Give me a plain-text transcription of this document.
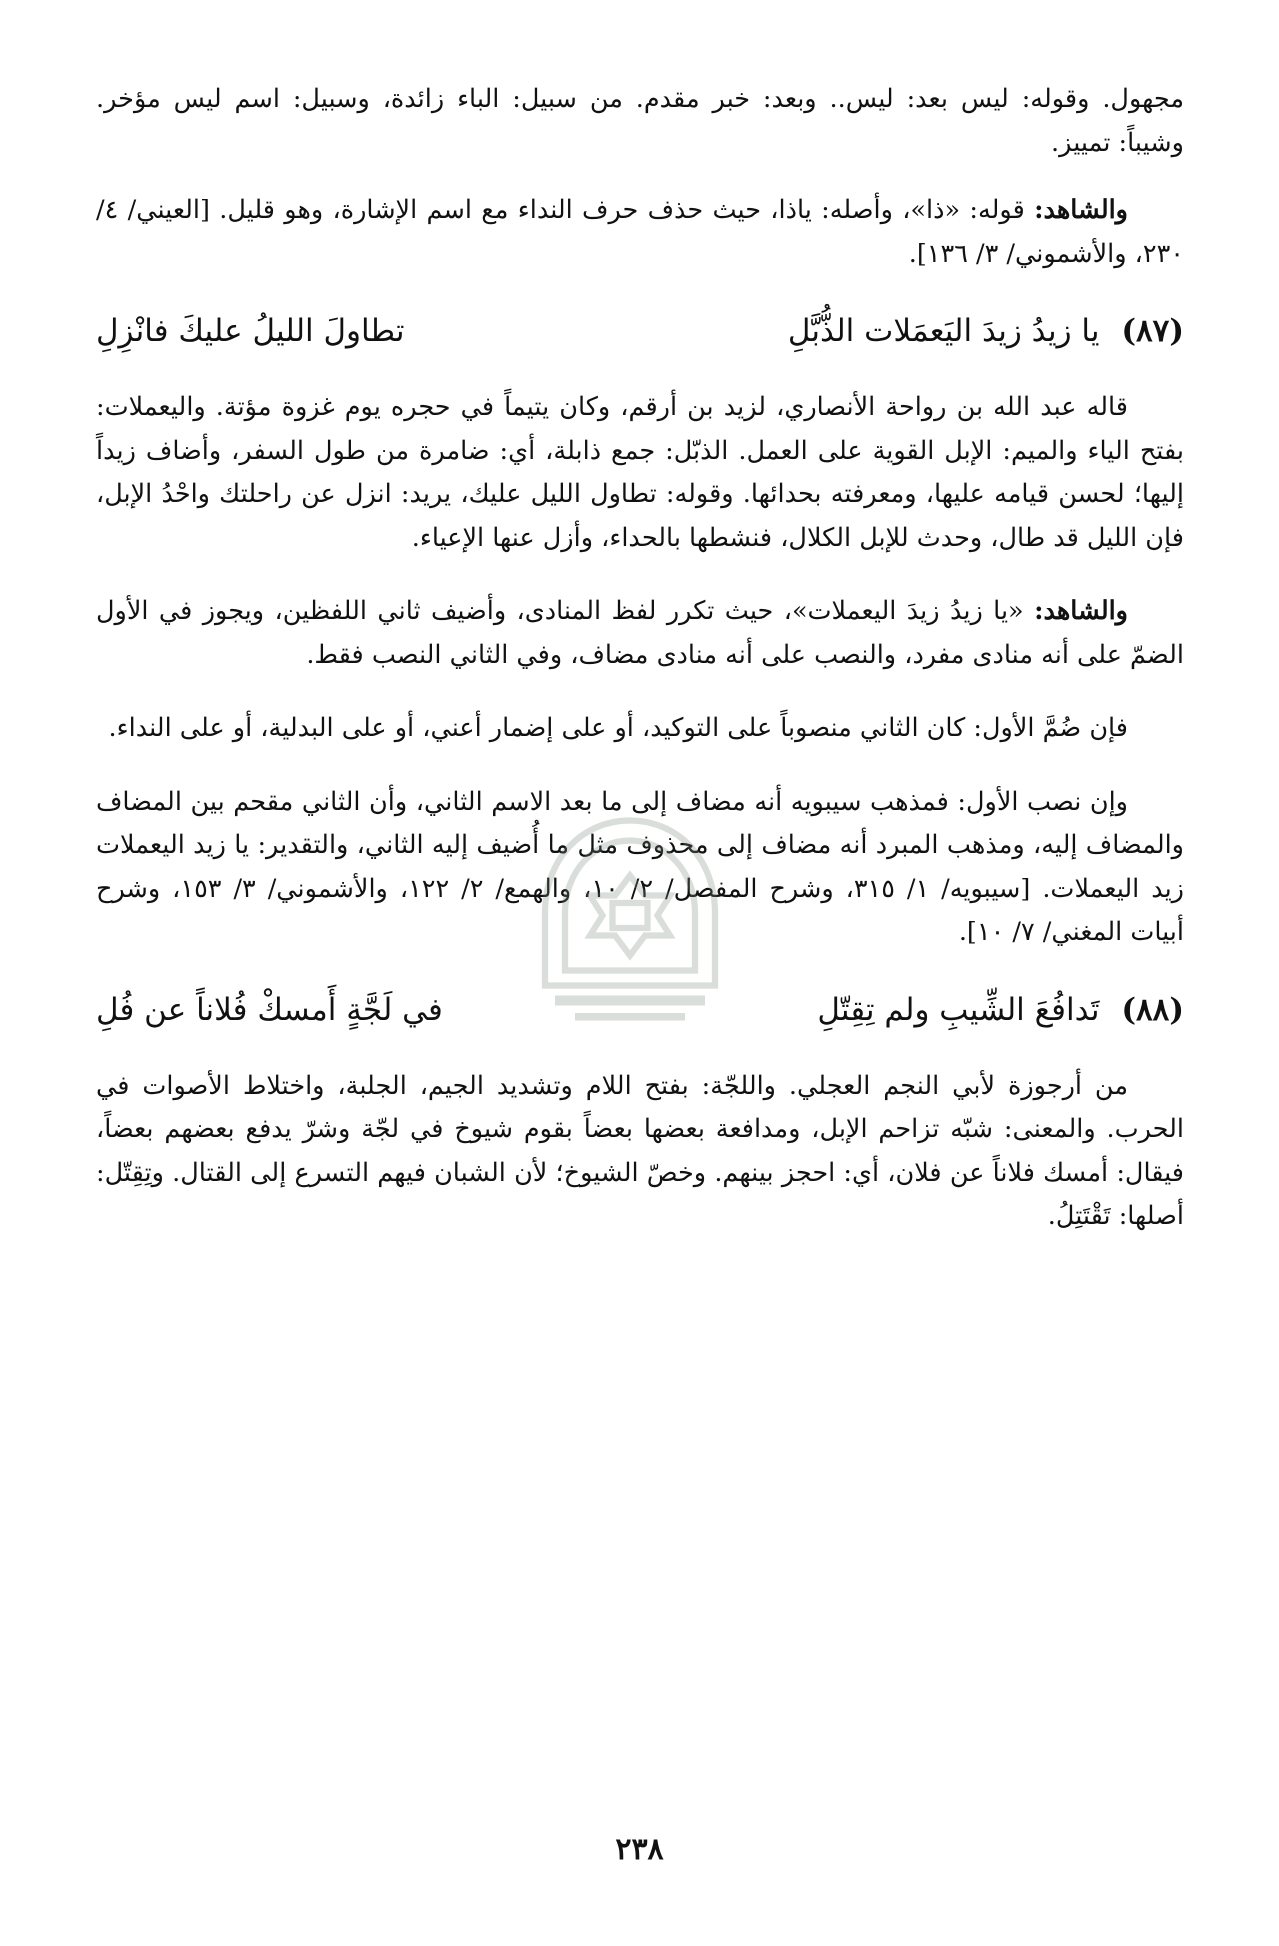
مجهول. وقوله: ليس بعد: ليس.. وبعد: خبر مقدم. من سبيل: الباء زائدة، وسبيل: اسم ليس مؤخر. وشيباً: تمييز.

والشاهد: قوله: «ذا»، وأصله: ياذا، حيث حذف حرف النداء مع اسم الإشارة، وهو قليل. [العيني/ ٤/ ٢٣٠، والأشموني/ ٣/ ١٣٦].

(٨٧) يا زيدُ زيدَ اليَعمَلات الذُّبَّلِ
تطاولَ الليلُ عليكَ فانْزِلِ

قاله عبد الله بن رواحة الأنصاري، لزيد بن أرقم، وكان يتيماً في حجره يوم غزوة مؤتة. واليعملات: بفتح الياء والميم: الإبل القوية على العمل. الذبّل: جمع ذابلة، أي: ضامرة من طول السفر، وأضاف زيداً إليها؛ لحسن قيامه عليها، ومعرفته بحدائها. وقوله: تطاول الليل عليك، يريد: انزل عن راحلتك واحْدُ الإبل، فإن الليل قد طال، وحدث للإبل الكلال، فنشطها بالحداء، وأزل عنها الإعياء.

والشاهد: «يا زيدُ زيدَ اليعملات»، حيث تكرر لفظ المنادى، وأضيف ثاني اللفظين، ويجوز في الأول الضمّ على أنه منادى مفرد، والنصب على أنه منادى مضاف، وفي الثاني النصب فقط.

فإن ضُمَّ الأول: كان الثاني منصوباً على التوكيد، أو على إضمار أعني، أو على البدلية، أو على النداء.

وإن نصب الأول: فمذهب سيبويه أنه مضاف إلى ما بعد الاسم الثاني، وأن الثاني مقحم بين المضاف والمضاف إليه، ومذهب المبرد أنه مضاف إلى محذوف مثل ما أُضيف إليه الثاني، والتقدير: يا زيد اليعملات زيد اليعملات. [سيبويه/ ١/ ٣١٥، وشرح المفصل/ ٢/ ١٠، والهمع/ ٢/ ١٢٢، والأشموني/ ٣/ ١٥٣، وشرح أبيات المغني/ ٧/ ١٠].

(٨٨) تَدافُعَ الشِّيبِ ولم تِقِتّلِ
في لَجَّةٍ أَمسكْ فُلاناً عن فُلِ

من أرجوزة لأبي النجم العجلي. واللجّة: بفتح اللام وتشديد الجيم، الجلبة، واختلاط الأصوات في الحرب. والمعنى: شبّه تزاحم الإبل، ومدافعة بعضها بعضاً بقوم شيوخ في لجّة وشرّ يدفع بعضهم بعضاً، فيقال: أمسك فلاناً عن فلان، أي: احجز بينهم. وخصّ الشيوخ؛ لأن الشبان فيهم التسرع إلى القتال. وتِقِتّل: أصلها: تَقْتَتِلُ.

٢٣٨
